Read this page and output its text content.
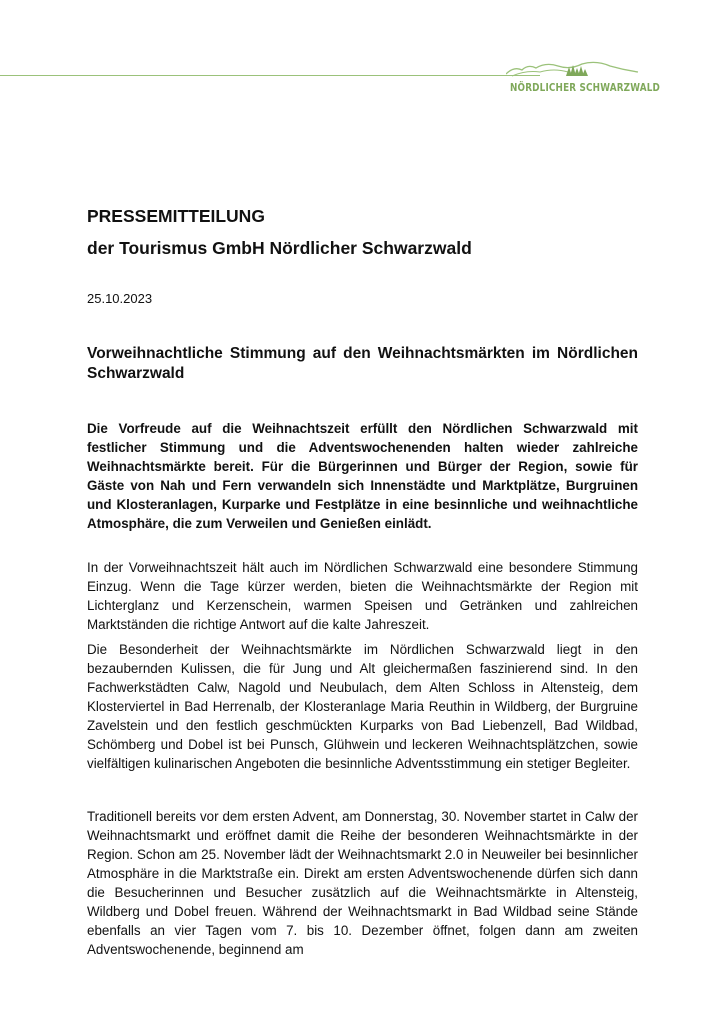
NÖRDLICHER SCHWARZWALD
PRESSEMITTEILUNG
der Tourismus GmbH Nördlicher Schwarzwald
25.10.2023

Vorweihnachtliche Stimmung auf den Weihnachtsmärkten im Nördlichen Schwarzwald

Die Vorfreude auf die Weihnachtszeit erfüllt den Nördlichen Schwarzwald mit festlicher Stimmung und die Adventswochenenden halten wieder zahlreiche Weihnachtsmärkte bereit. Für die Bürgerinnen und Bürger der Region, sowie für Gäste von Nah und Fern verwandeln sich Innenstädte und Marktplätze, Burgruinen und Klosteranlagen, Kurparke und Festplätze in eine besinnliche und weihnachtliche Atmosphäre, die zum Verweilen und Genießen einlädt.

In der Vorweihnachtszeit hält auch im Nördlichen Schwarzwald eine besondere Stimmung Einzug. Wenn die Tage kürzer werden, bieten die Weihnachtsmärkte der Region mit Lichterglanz und Kerzenschein, warmen Speisen und Getränken und zahlreichen Marktständen die richtige Antwort auf die kalte Jahreszeit.

Die Besonderheit der Weihnachtsmärkte im Nördlichen Schwarzwald liegt in den bezaubernden Kulissen, die für Jung und Alt gleichermaßen faszinierend sind. In den Fachwerkstädten Calw, Nagold und Neubulach, dem Alten Schloss in Altensteig, dem Klosterviertel in Bad Herrenalb, der Klosteranlage Maria Reuthin in Wildberg, der Burgruine Zavelstein und den festlich geschmückten Kurparks von Bad Liebenzell, Bad Wildbad, Schömberg und Dobel ist bei Punsch, Glühwein und leckeren Weihnachtsplätzchen, sowie vielfältigen kulinarischen Angeboten die besinnliche Adventsstimmung ein stetiger Begleiter.

Traditionell bereits vor dem ersten Advent, am Donnerstag, 30. November startet in Calw der Weihnachtsmarkt und eröffnet damit die Reihe der besonderen Weihnachtsmärkte in der Region. Schon am 25. November lädt der Weihnachtsmarkt 2.0 in Neuweiler bei besinnlicher Atmosphäre in die Marktstraße ein. Direkt am ersten Adventswochenende dürfen sich dann die Besucherinnen und Besucher zusätzlich auf die Weihnachtsmärkte in Altensteig, Wildberg und Dobel freuen. Während der Weihnachtsmarkt in Bad Wildbad seine Stände ebenfalls an vier Tagen vom 7. bis 10. Dezember öffnet, folgen dann am zweiten Adventswochenende, beginnend am
